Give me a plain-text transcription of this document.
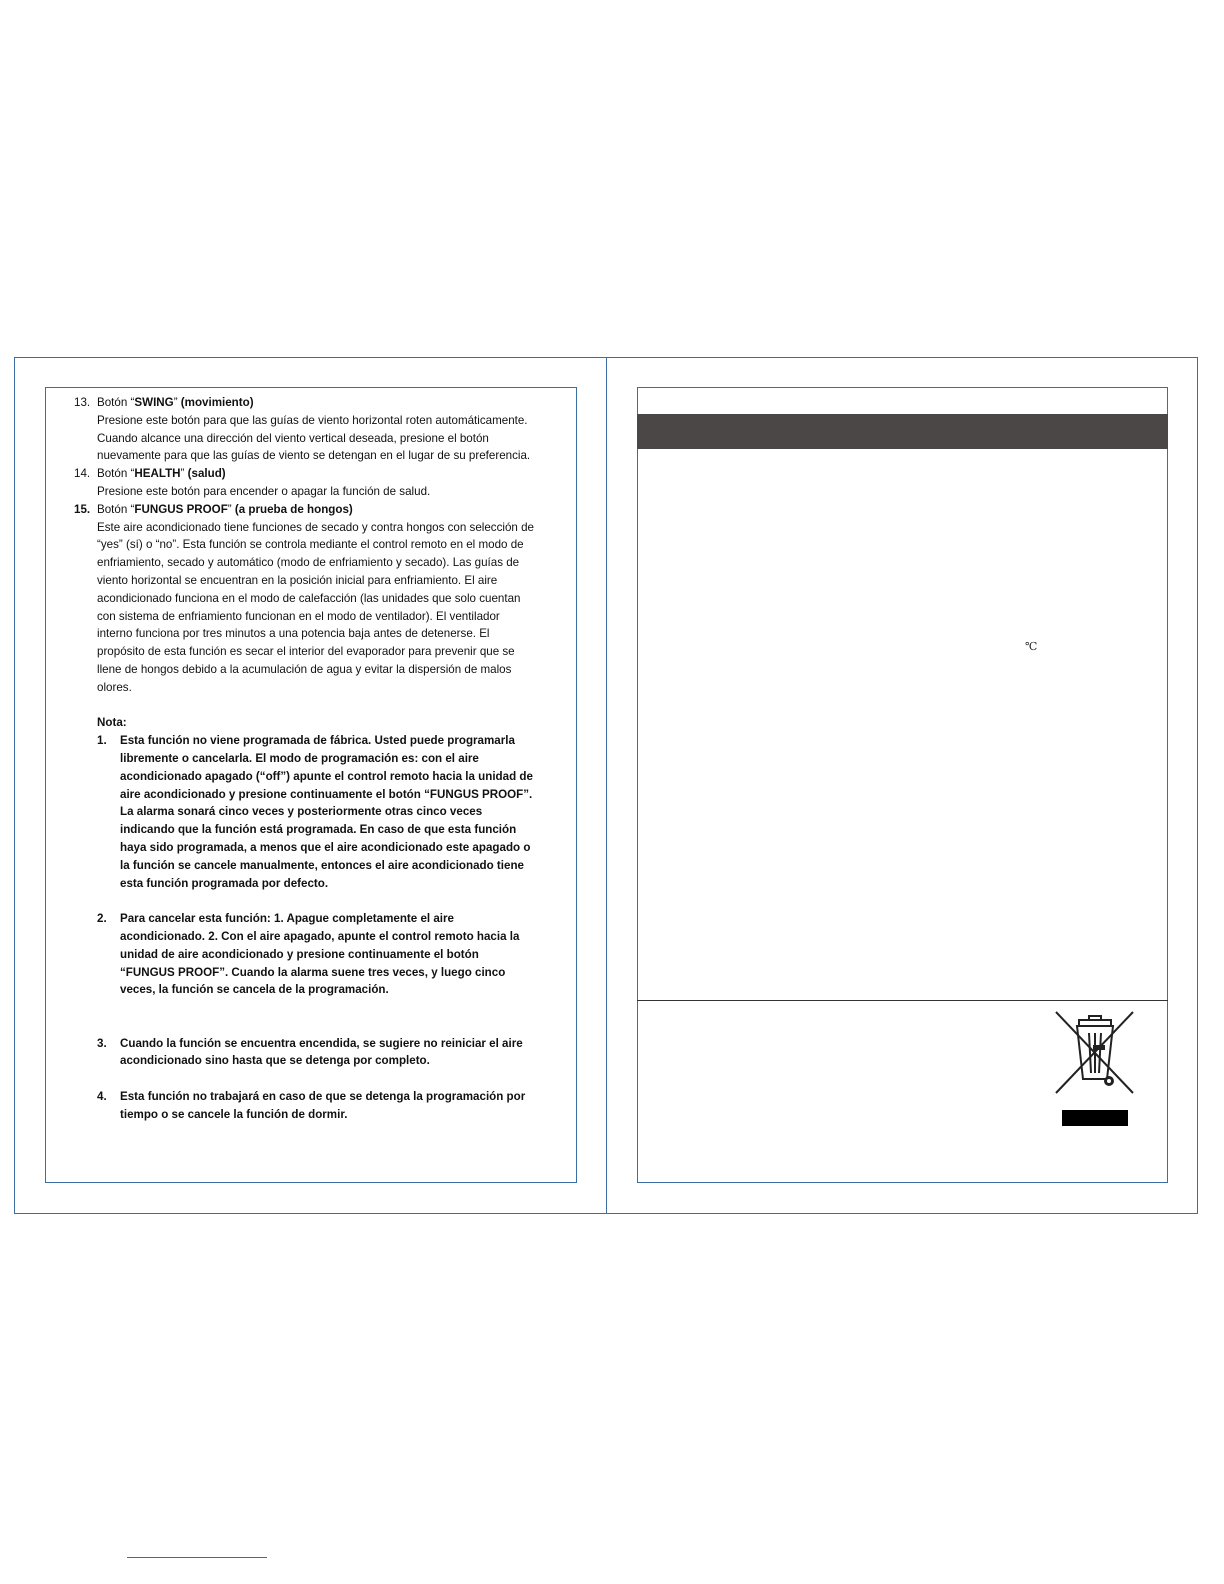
13. Botón “SWING” (movimiento)
Presione este botón para que las guías de viento horizontal roten automáticamente. Cuando alcance una dirección del viento vertical deseada, presione el botón nuevamente para que las guías de viento se detengan en el lugar de su preferencia.
14. Botón “HEALTH” (salud)
Presione este botón para encender o apagar la función de salud.
15. Botón “FUNGUS PROOF” (a prueba de hongos)
Este aire acondicionado tiene funciones de secado y contra hongos con selección de “yes” (sí) o “no”. Esta función se controla mediante el control remoto en el modo de enfriamiento, secado y automático (modo de enfriamiento y secado). Las guías de viento horizontal se encuentran en la posición inicial para enfriamiento. El aire acondicionado funciona en el modo de calefacción (las unidades que solo cuentan con sistema de enfriamiento funcionan en el modo de ventilador). El ventilador interno funciona por tres minutos a una potencia baja antes de detenerse. El propósito de esta función es secar el interior del evaporador para prevenir que se llene de hongos debido a la acumulación de agua y evitar la dispersión de malos olores.
Nota:
1. Esta función no viene programada de fábrica. Usted puede programarla libremente o cancelarla. El modo de programación es: con el aire acondicionado apagado (“off”) apunte el control remoto hacia la unidad de aire acondicionado y presione continuamente el botón “FUNGUS PROOF”. La alarma sonará cinco veces y posteriormente otras cinco veces indicando que la función está programada. En caso de que esta función haya sido programada, a menos que el aire acondicionado este apagado o la función se cancele manualmente, entonces el aire acondicionado tiene esta función programada por defecto.
2. Para cancelar esta función: 1. Apague completamente el aire acondicionado. 2. Con el aire apagado, apunte el control remoto hacia la unidad de aire acondicionado y presione continuamente el botón “FUNGUS PROOF”. Cuando la alarma suene tres veces, y luego cinco veces, la función se cancela de la programación.
3. Cuando la función se encuentra encendida, se sugiere no reiniciar el aire acondicionado sino hasta que se detenga por completo.
4. Esta función no trabajará en caso de que se detenga la programación por tiempo o se cancele la función de dormir.
℃
